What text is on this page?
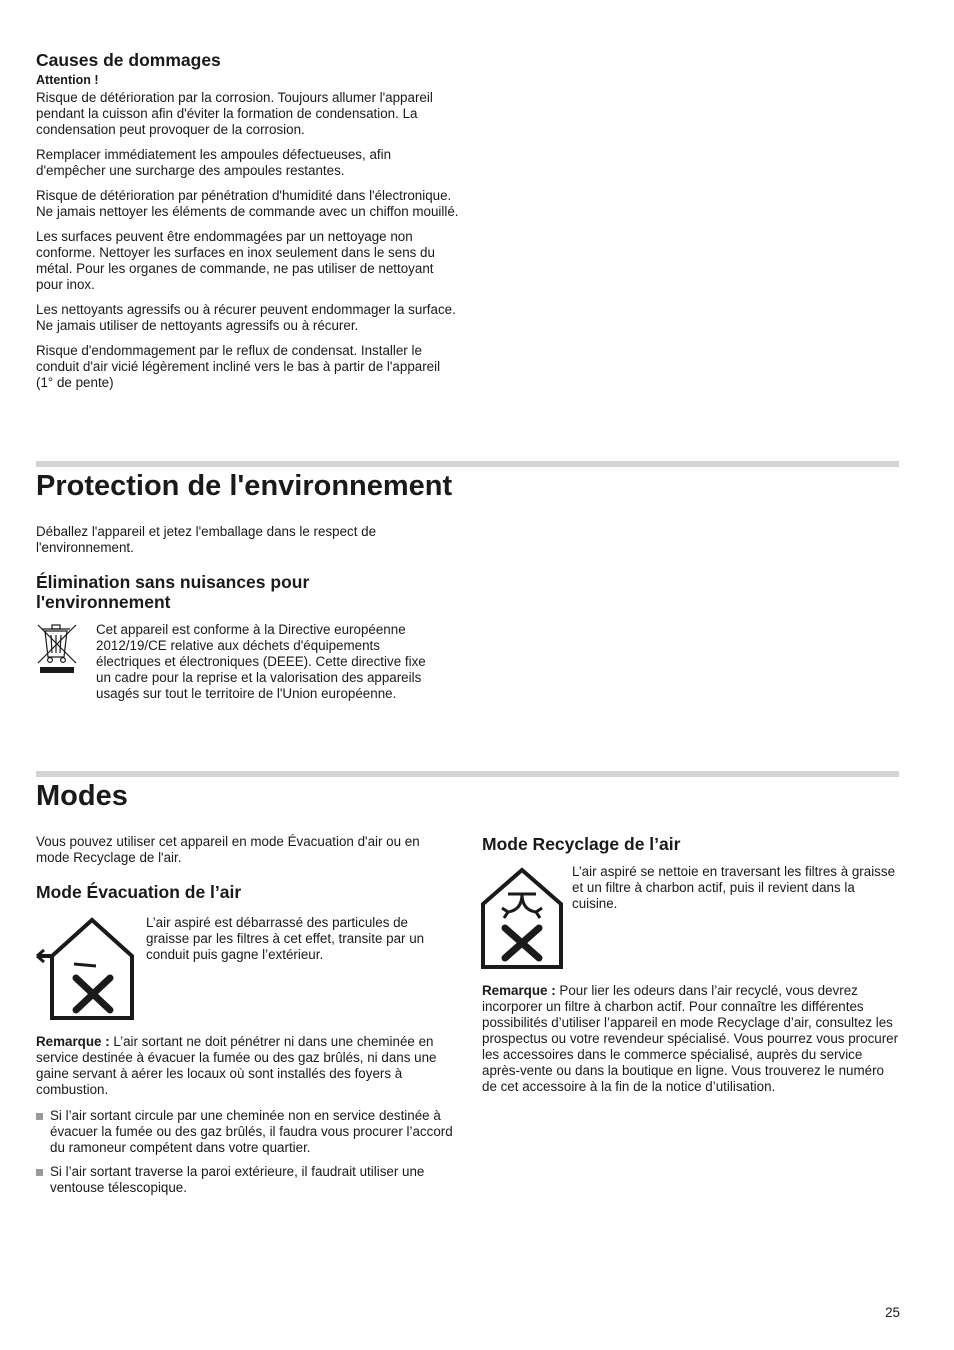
Causes de dommages

Attention !

Risque de détérioration par la corrosion. Toujours allumer l'appareil pendant la cuisson afin d'éviter la formation de condensation. La condensation peut provoquer de la corrosion.

Remplacer immédiatement les ampoules défectueuses, afin d'empêcher une surcharge des ampoules restantes.

Risque de détérioration par pénétration d'humidité dans l'électronique. Ne jamais nettoyer les éléments de commande avec un chiffon mouillé.

Les surfaces peuvent être endommagées par un nettoyage non conforme. Nettoyer les surfaces en inox seulement dans le sens du métal. Pour les organes de commande, ne pas utiliser de nettoyant pour inox.

Les nettoyants agressifs ou à récurer peuvent endommager la surface. Ne jamais utiliser de nettoyants agressifs ou à récurer.

Risque d'endommagement par le reflux de condensat. Installer le conduit d'air vicié légèrement incliné vers le bas à partir de l'appareil (1° de pente)

Protection de l'environnement

Déballez l'appareil et jetez l'emballage dans le respect de l'environnement.

Élimination sans nuisances pour l'environnement

Cet appareil est conforme à la Directive européenne 2012/19/CE relative aux déchets d'équipements électriques et électroniques (DEEE). Cette directive fixe un cadre pour la reprise et la valorisation des appareils usagés sur tout le territoire de l'Union européenne.

Modes

Vous pouvez utiliser cet appareil en mode Évacuation d'air ou en mode Recyclage de l'air.

Mode Évacuation de l’air

L’air aspiré est débarrassé des particules de graisse par les filtres à cet effet, transite par un conduit puis gagne l’extérieur.

Remarque : L’air sortant ne doit pénétrer ni dans une cheminée en service destinée à évacuer la fumée ou des gaz brûlés, ni dans une gaine servant à aérer les locaux où sont installés des foyers à combustion.

Si l’air sortant circule par une cheminée non en service destinée à évacuer la fumée ou des gaz brûlés, il faudra vous procurer l’accord du ramoneur compétent dans votre quartier.
Si l’air sortant traverse la paroi extérieure, il faudrait utiliser une ventouse télescopique.
Mode Recyclage de l’air

L’air aspiré se nettoie en traversant les filtres à graisse et un filtre à charbon actif, puis il revient dans la cuisine.

Remarque : Pour lier les odeurs dans l’air recyclé, vous devrez incorporer un filtre à charbon actif. Pour connaître les différentes possibilités d’utiliser l’appareil en mode Recyclage d’air, consultez les prospectus ou votre revendeur spécialisé. Vous pourrez vous procurer les accessoires dans le commerce spécialisé, auprès du service après-vente ou dans la boutique en ligne. Vous trouverez le numéro de cet accessoire à la fin de la notice d’utilisation.

25
